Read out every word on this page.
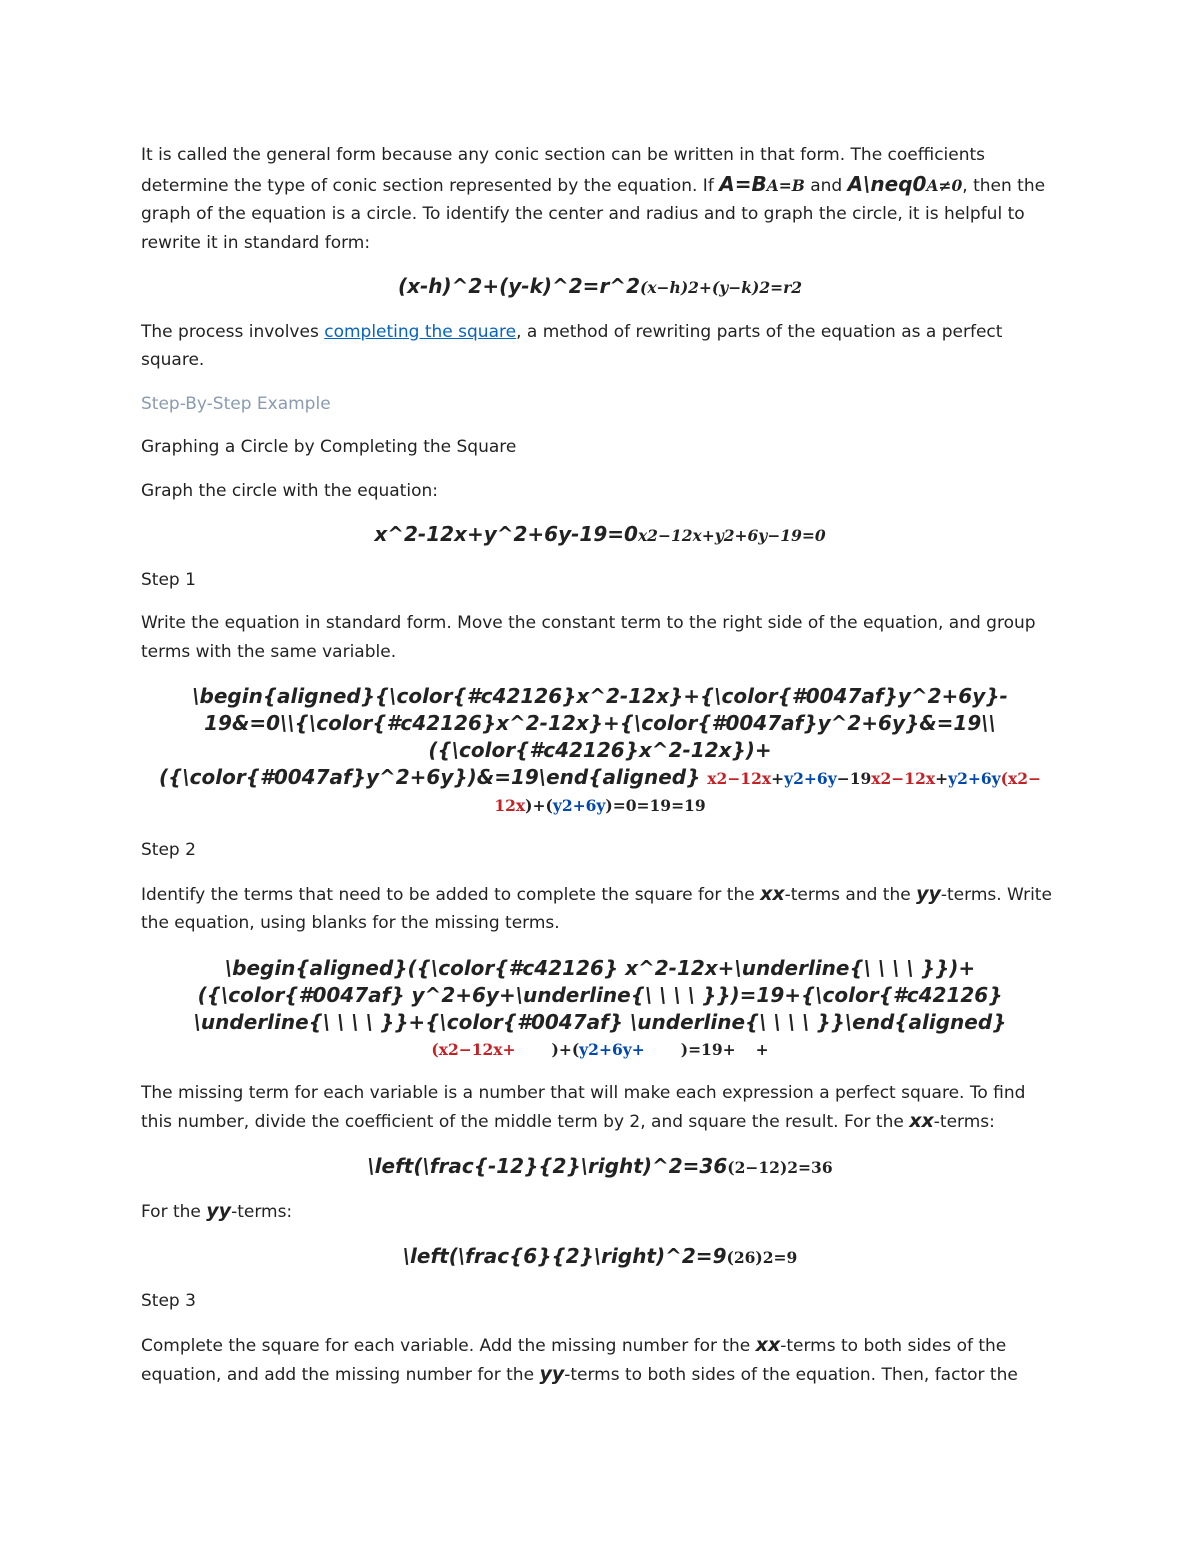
It is called the general form because any conic section can be written in that form. The coefficients determine the type of conic section represented by the equation. If A=BA=B and A\neq0A≠0, then the graph of the equation is a circle. To identify the center and radius and to graph the circle, it is helpful to rewrite it in standard form:

(x-h)^2+(y-k)^2=r^2(x−h)2+(y−k)2=r2

The process involves completing the square, a method of rewriting parts of the equation as a perfect square.

Step-By-Step Example

Graphing a Circle by Completing the Square

Graph the circle with the equation:

x^2-12x+y^2+6y-19=0x2−12x+y2+6y−19=0

Step 1

Write the equation in standard form. Move the constant term to the right side of the equation, and group terms with the same variable.

\begin{aligned}{\color{#c42126}x^2-12x}+{\color{#0047af}y^2+6y}-
19&=0\\{\color{#c42126}x^2-12x}+{\color{#0047af}y^2+6y}&=19\\
({\color{#c42126}x^2-12x})+
({\color{#0047af}y^2+6y})&=19\end{aligned} x2−12x+y2+6y−19x2−12x+y2+6y(x2−
12x)+(y2+6y)=0=19=19

Step 2

Identify the terms that need to be added to complete the square for the xx-terms and the yy-terms. Write the equation, using blanks for the missing terms.

\begin{aligned}({\color{#c42126} x^2-12x+\underline{\ \ \ \ }})+
({\color{#0047af} y^2+6y+\underline{\ \ \ \ }})=19+{\color{#c42126}
\underline{\ \ \ \ }}+{\color{#0047af} \underline{\ \ \ \ }}\end{aligned}
(x2−12x+ )+(y2+6y+ )=19+ +

The missing term for each variable is a number that will make each expression a perfect square. To find this number, divide the coefficient of the middle term by 2, and square the result. For the xx-terms:

\left(\frac{-12}{2}\right)^2=36(2−12​)2=36

For the yy-terms:

\left(\frac{6}{2}\right)^2=9(26​)2=9

Step 3

Complete the square for each variable. Add the missing number for the xx-terms to both sides of the equation, and add the missing number for the yy-terms to both sides of the equation. Then, factor the
